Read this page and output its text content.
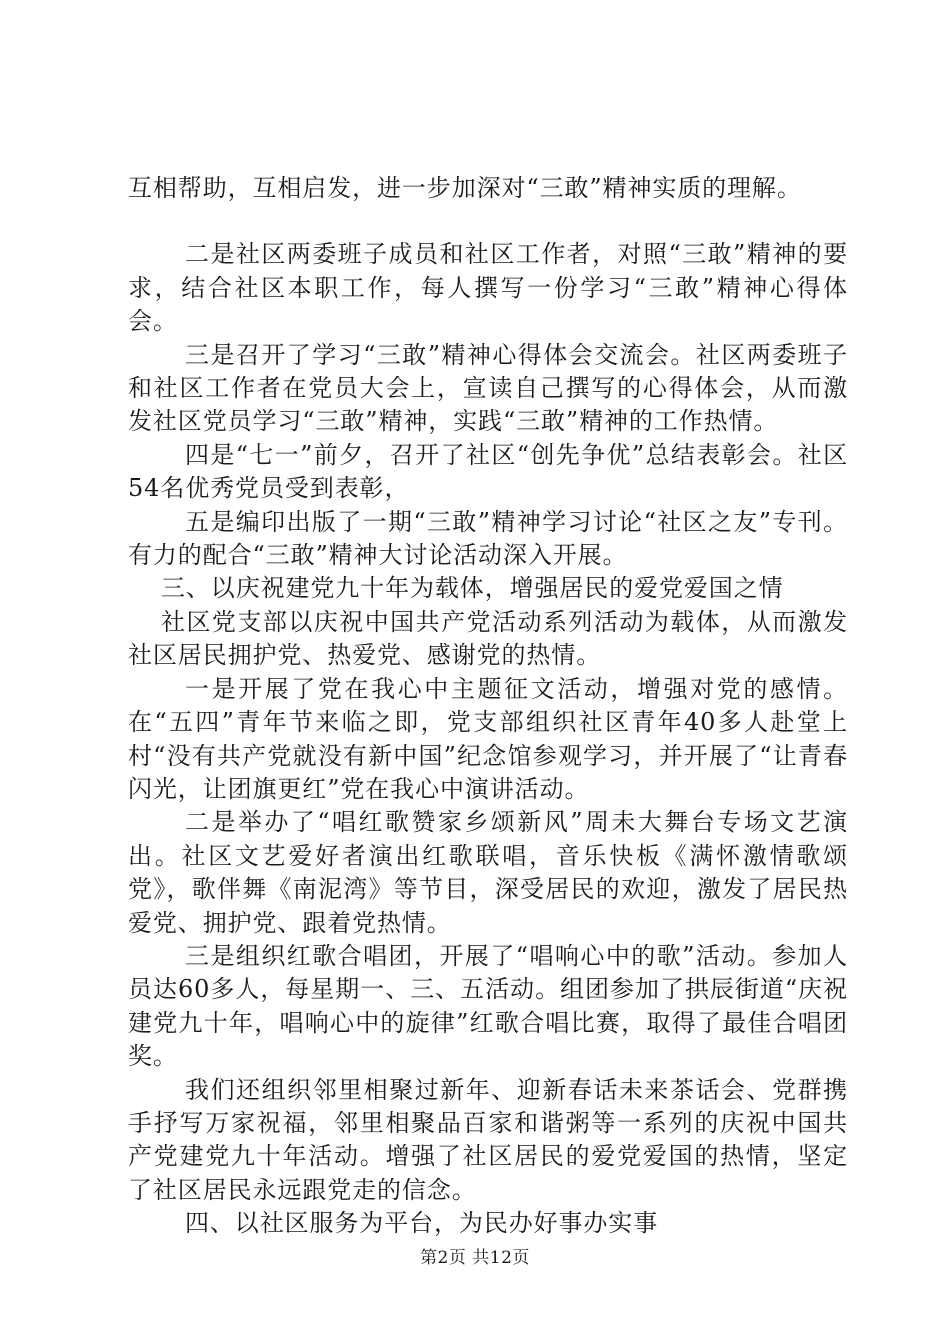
互相帮助，互相启发，进一步加深对“三敢”精神实质的理解。

二是社区两委班子成员和社区工作者，对照“三敢”精神的要求，结合社区本职工作，每人撰写一份学习“三敢”精神心得体会。

三是召开了学习“三敢”精神心得体会交流会。社区两委班子和社区工作者在党员大会上，宣读自己撰写的心得体会，从而激发社区党员学习“三敢”精神，实践“三敢”精神的工作热情。

四是“七一”前夕，召开了社区“创先争优”总结表彰会。社区54名优秀党员受到表彰，

五是编印出版了一期“三敢”精神学习讨论“社区之友”专刊。有力的配合“三敢”精神大讨论活动深入开展。

三、以庆祝建党九十年为载体，增强居民的爱党爱国之情

社区党支部以庆祝中国共产党活动系列活动为载体，从而激发社区居民拥护党、热爱党、感谢党的热情。

一是开展了党在我心中主题征文活动，增强对党的感情。在“五四”青年节来临之即，党支部组织社区青年40多人赴堂上村“没有共产党就没有新中国”纪念馆参观学习，并开展了“让青春闪光，让团旗更红”党在我心中演讲活动。

二是举办了“唱红歌赞家乡颂新风”周未大舞台专场文艺演出。社区文艺爱好者演出红歌联唱，音乐快板《满怀激情歌颂党》，歌伴舞《南泥湾》等节目，深受居民的欢迎，激发了居民热爱党、拥护党、跟着党热情。

三是组织红歌合唱团，开展了“唱响心中的歌”活动。参加人员达60多人，每星期一、三、五活动。组团参加了拱辰街道“庆祝建党九十年，唱响心中的旋律”红歌合唱比赛，取得了最佳合唱团奖。

我们还组织邻里相聚过新年、迎新春话未来茶话会、党群携手抒写万家祝福，邻里相聚品百家和谐粥等一系列的庆祝中国共产党建党九十年活动。增强了社区居民的爱党爱国的热情，坚定了社区居民永远跟党走的信念。

四、以社区服务为平台，为民办好事办实事

第2页 共12页
